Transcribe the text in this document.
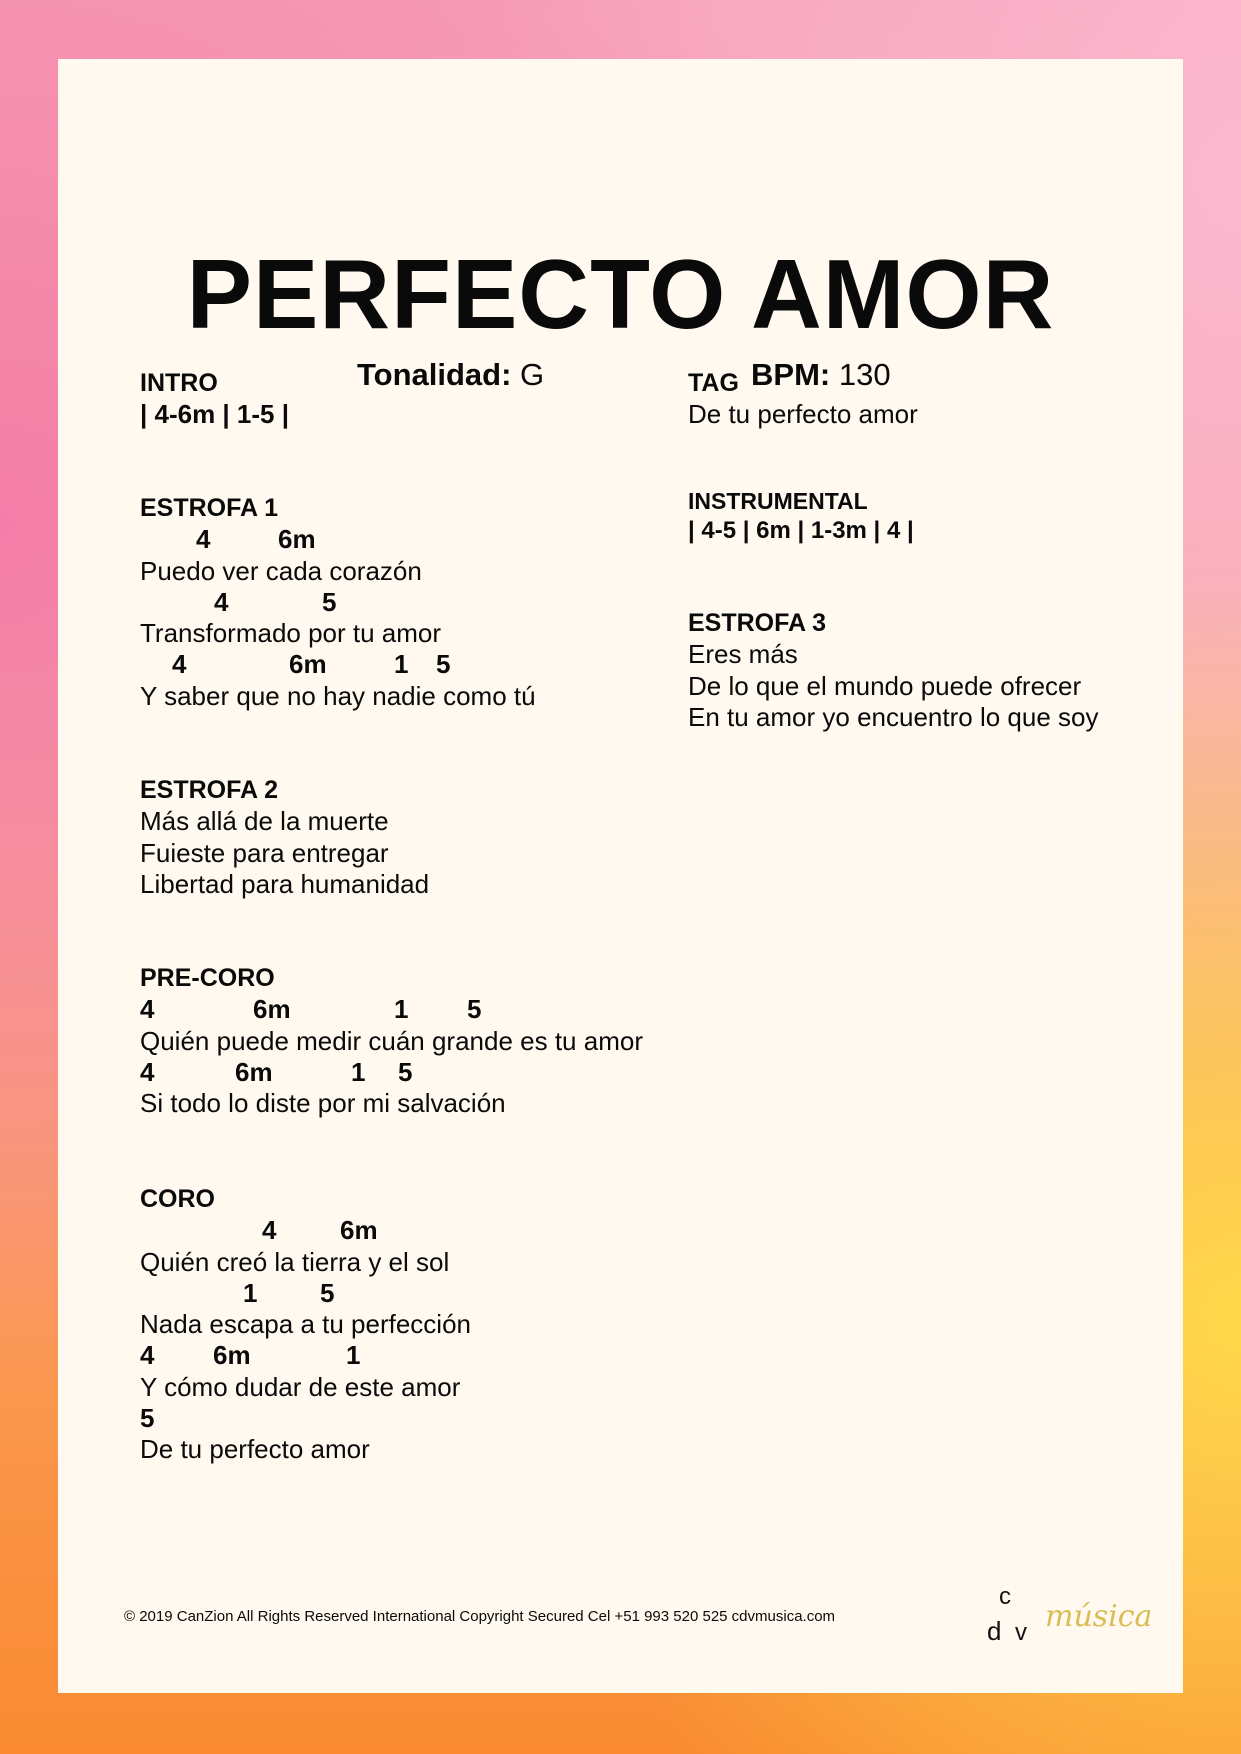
PERFECTO AMOR
Tonalidad: G	BPM: 130
INTRO
| 4-6m | 1-5 |
ESTROFA 1
4	6m
Puedo ver cada corazón
4	5
Transformado por tu amor
4	6m	1 5
Y saber que no hay nadie como tú
ESTROFA 2
Más allá de la muerte
Fuieste para entregar
Libertad para humanidad
PRE-CORO
4	6m	1 5
Quién puede medir cuán grande es tu amor
4	6m	1 5
Si todo lo diste por mi salvación
CORO
4 6m
Quién creó la tierra y el sol
1 5
Nada escapa a tu perfección
4 6m	1
Y cómo dudar de este amor
5
De tu perfecto amor
TAG
De tu perfecto amor
INSTRUMENTAL
| 4-5 | 6m | 1-3m | 4 |
ESTROFA 3
Eres más
De lo que el mundo puede ofrecer
En tu amor yo encuentro lo que soy
© 2019 CanZion All Rights Reserved International Copyright Secured Cel +51 993 520 525 cdvmusica.com
c
d v música
